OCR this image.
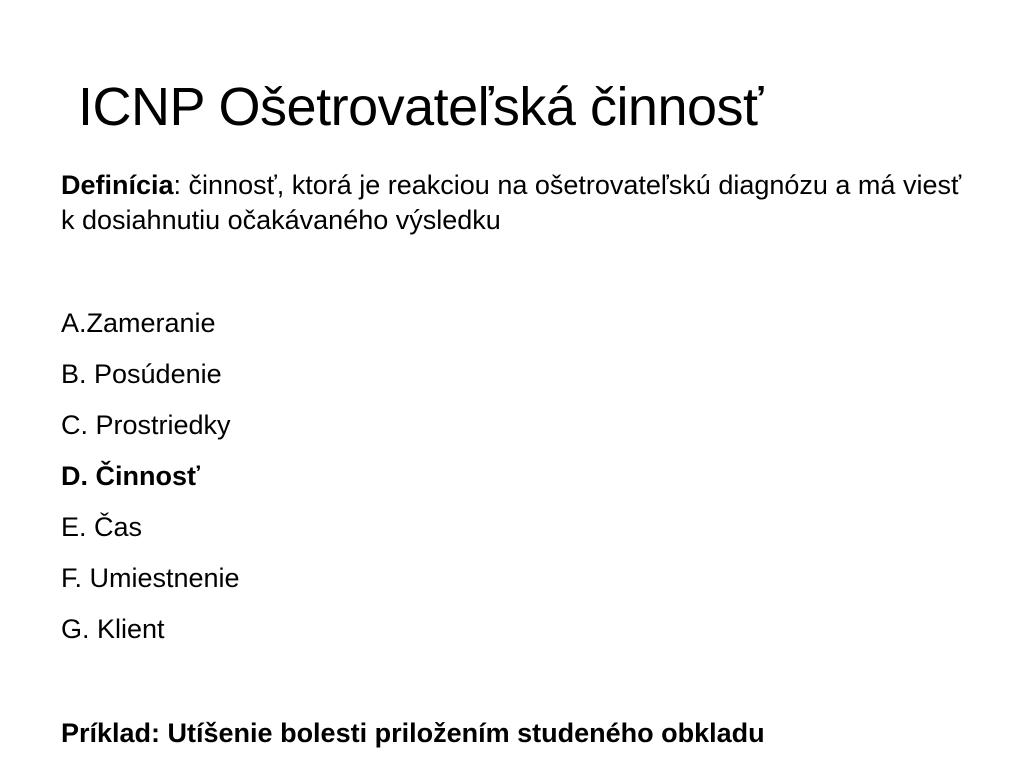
ICNP Ošetrovateľská činnosť

Definícia: činnosť, ktorá je reakciou na ošetrovateľskú diagnózu a má viesť k dosiahnutiu očakávaného výsledku

A.Zameranie
B. Posúdenie
C. Prostriedky
D. Činnosť
E. Čas
F. Umiestnenie
G. Klient

Príklad: Utíšenie bolesti priložením studeného obkladu
